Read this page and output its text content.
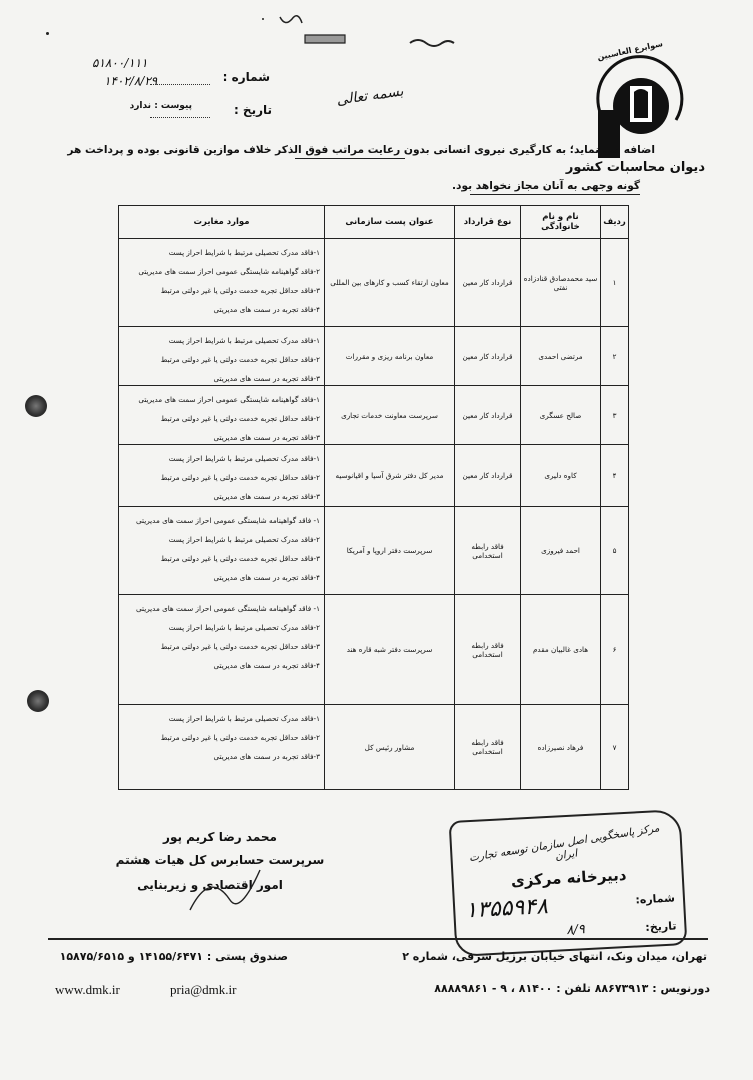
سوابرع العاسبین
دیوان محاسبات کشور
۵۱۸۰۰/۱۱۱
شماره :
۱۴۰۲/۸/۲۹
تاریخ :
پیوست : ندارد	بسمه تعالی
اضافه می نماید؛ به کارگیری نیروی انسانی بدون رعایت مراتب فوق الذکر خلاف موازین قانونی بوده و پرداخت هر
گونه وجهی به آنان مجاز نخواهد بود.
ردیف	نام و نام خانوادگی	نوع قرارداد	عنوان پست سازمانی	موارد مغایرت
۱	سید محمدصادق قنادزاده نفتی	قرارداد کار معین	معاون ارتقاء کسب و کارهای بین المللی	۱-فاقد مدرک تحصیلی مرتبط با شرایط احراز پست
۲-فاقد گواهینامه شایستگی عمومی احراز سمت های مدیریتی
۳-فاقد حداقل تجربه خدمت دولتی یا غیر دولتی مرتبط
۴-فاقد تجربه در سمت های مدیریتی

۲	مرتضی احمدی	قرارداد کار معین	معاون برنامه ریزی و مقررات	۱-فاقد مدرک تحصیلی مرتبط با شرایط احراز پست
۲-فاقد حداقل تجربه خدمت دولتی یا غیر دولتی مرتبط
۳-فاقد تجربه در سمت های مدیریتی

۳	صالح عسگری	قرارداد کار معین	سرپرست معاونت خدمات تجاری	۱-فاقد گواهینامه شایستگی عمومی احراز سمت های مدیریتی
۲-فاقد حداقل تجربه خدمت دولتی یا غیر دولتی مرتبط
۳-فاقد تجربه در سمت های مدیریتی

۴	کاوه دلیری	قرارداد کار معین	مدیر کل دفتر شرق آسیا و اقیانوسیه	۱-فاقد مدرک تحصیلی مرتبط با شرایط احراز پست
۲-فاقد حداقل تجربه خدمت دولتی یا غیر دولتی مرتبط
۳-فاقد تجربه در سمت های مدیریتی

۵	احمد فیروزی	فاقد رابطه استخدامی	سرپرست دفتر اروپا و آمریکا	۱- فاقد گواهینامه شایستگی عمومی احراز سمت های مدیریتی
۲-فاقد مدرک تحصیلی مرتبط با شرایط احراز پست
۳-فاقد حداقل تجربه خدمت دولتی یا غیر دولتی مرتبط
۴-فاقد تجربه در سمت های مدیریتی

۶	هادی غالبیان مقدم	فاقد رابطه استخدامی	سرپرست دفتر شبه قاره هند	۱- فاقد گواهینامه شایستگی عمومی احراز سمت های مدیریتی
۲-فاقد مدرک تحصیلی مرتبط با شرایط احراز پست
۳-فاقد حداقل تجربه خدمت دولتی یا غیر دولتی مرتبط
۴-فاقد تجربه در سمت های مدیریتی

۷	فرهاد نصیرزاده	فاقد رابطه استخدامی	مشاور رئیس کل	۱-فاقد مدرک تحصیلی مرتبط با شرایط احراز پست
۲-فاقد حداقل تجربه خدمت دولتی یا غیر دولتی مرتبط
۳-فاقد تجربه در سمت های مدیریتی
محمد رضا کریم پور
سرپرست حسابرس کل هیات هشتم
امور اقتصادی و زیربنایی
مرکز پاسخگویی اصل سازمان توسعه تجارت ایران
دبیرخانه مرکزی
شماره:
۱۳۵۵۹۴۸
تاریخ:
۸/۹
تهران، میدان ونک، انتهای خیابان برزیل شرقی، شماره ۲
صندوق پستی : ۱۴۱۵۵/۶۴۷۱ و ۱۵۸۷۵/۶۵۱۵
دورنویس : ۸۸۶۷۳۹۱۳ تلفن : ۸۱۴۰۰ ، ۹ - ۸۸۸۸۹۸۶۱
www.dmk.ir	pria@dmk.ir
